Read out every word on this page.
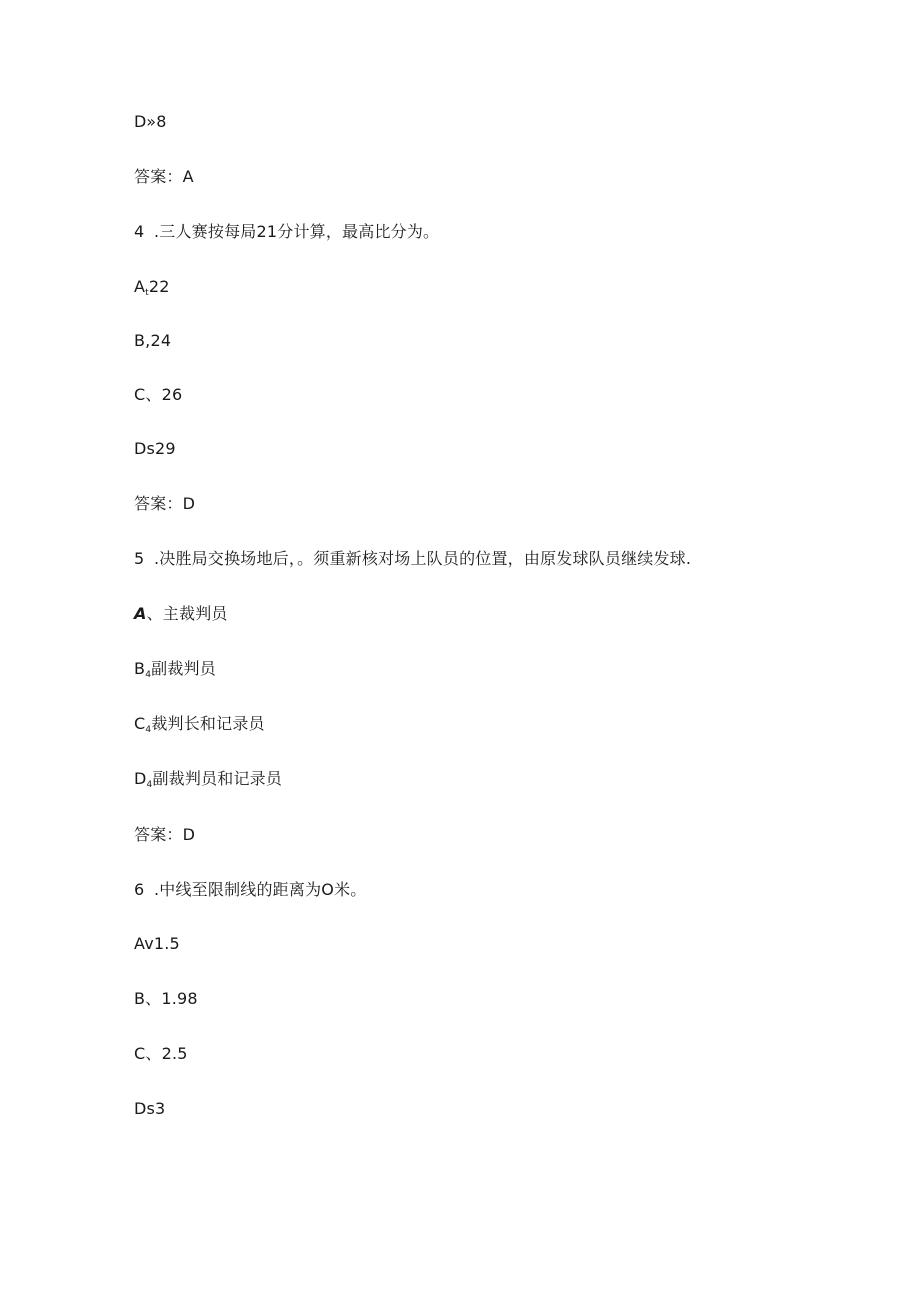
D»8
答案：A
4 .三人赛按每局21分计算，最高比分为。
$A_t22$
B,24
C、26
Ds29
答案：D
5 .决胜局交换场地后，。须重新核对场上队员的位置，由原发球队员继续发球.
A、主裁判员
$B_4$副裁判员
$C_4$裁判长和记录员
$D_4$副裁判员和记录员
答案：D
6 .中线至限制线的距离为O米。
Av1.5
B、1.98
C、2.5
Ds3
